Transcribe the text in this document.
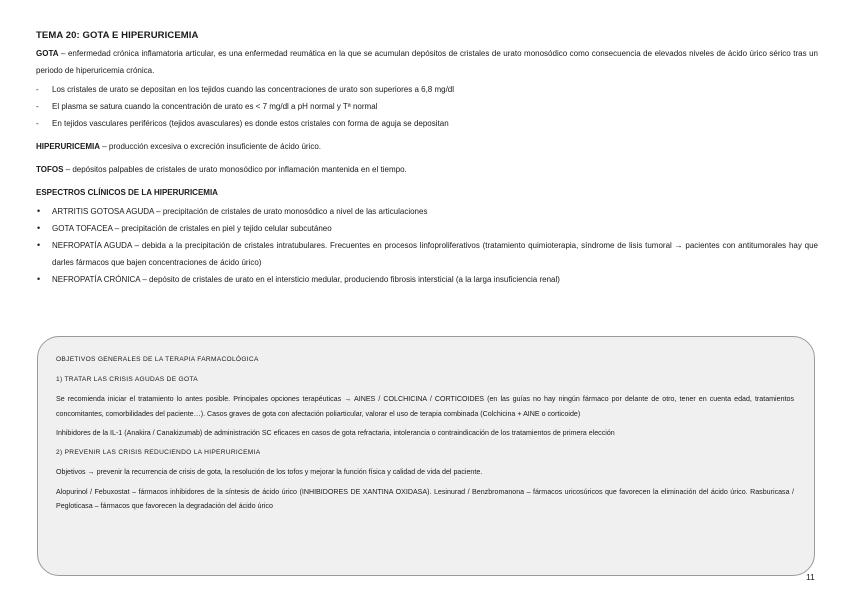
TEMA 20: GOTA E HIPERURICEMIA

GOTA – enfermedad crónica inflamatoria articular, es una enfermedad reumática en la que se acumulan depósitos de cristales de urato monosódico como consecuencia de elevados niveles de ácido úrico sérico tras un periodo de hiperuricemia crónica.

- Los cristales de urato se depositan en los tejidos cuando las concentraciones de urato son superiores a 6,8 mg/dl
- El plasma se satura cuando la concentración de urato es < 7 mg/dl a pH normal y Tª normal
- En tejidos vasculares periféricos (tejidos avasculares) es donde estos cristales con forma de aguja se depositan

HIPERURICEMIA – producción excesiva o excreción insuficiente de ácido úrico.

TOFOS – depósitos palpables de cristales de urato monosódico por inflamación mantenida en el tiempo.

ESPECTROS CLÍNICOS DE LA HIPERURICEMIA

• ARTRITIS GOTOSA AGUDA – precipitación de cristales de urato monosódico a nivel de las articulaciones
• GOTA TOFACEA – precipitación de cristales en piel y tejido celular subcutáneo
• NEFROPATÍA AGUDA – debida a la precipitación de cristales intratubulares. Frecuentes en procesos linfoproliferativos (tratamiento quimioterapia, síndrome de lisis tumoral → pacientes con antitumorales hay que darles fármacos que bajen concentraciones de ácido úrico)
• NEFROPATÍA CRÓNICA – depósito de cristales de urato en el intersticio medular, produciendo fibrosis intersticial (a la larga insuficiencia renal)

OBJETIVOS GENERALES DE LA TERAPIA FARMACOLÓGICA

1) TRATAR LAS CRISIS AGUDAS DE GOTA

Se recomienda iniciar el tratamiento lo antes posible. Principales opciones terapéuticas → AINES / COLCHICINA / CORTICOIDES (en las guías no hay ningún fármaco por delante de otro, tener en cuenta edad, tratamientos concomitantes, comorbilidades del paciente…). Casos graves de gota con afectación poliarticular, valorar el uso de terapia combinada (Colchicina + AINE o corticoide)

Inhibidores de la IL-1 (Anakira / Canakizumab) de administración SC eficaces en casos de gota refractaria, intolerancia o contraindicación de los tratamientos de primera elección

2) PREVENIR LAS CRISIS REDUCIENDO LA HIPERURICEMIA

Objetivos → prevenir la recurrencia de crisis de gota, la resolución de los tofos y mejorar la función física y calidad de vida del paciente.

Alopurinol / Febuxostat – fármacos inhibidores de la síntesis de ácido úrico (INHIBIDORES DE XANTINA OXIDASA). Lesinurad / Benzbromanona – fármacos uricosúricos que favorecen la eliminación del ácido úrico. Rasburicasa / Pegloticasa – fármacos que favorecen la degradación del ácido úrico

11
